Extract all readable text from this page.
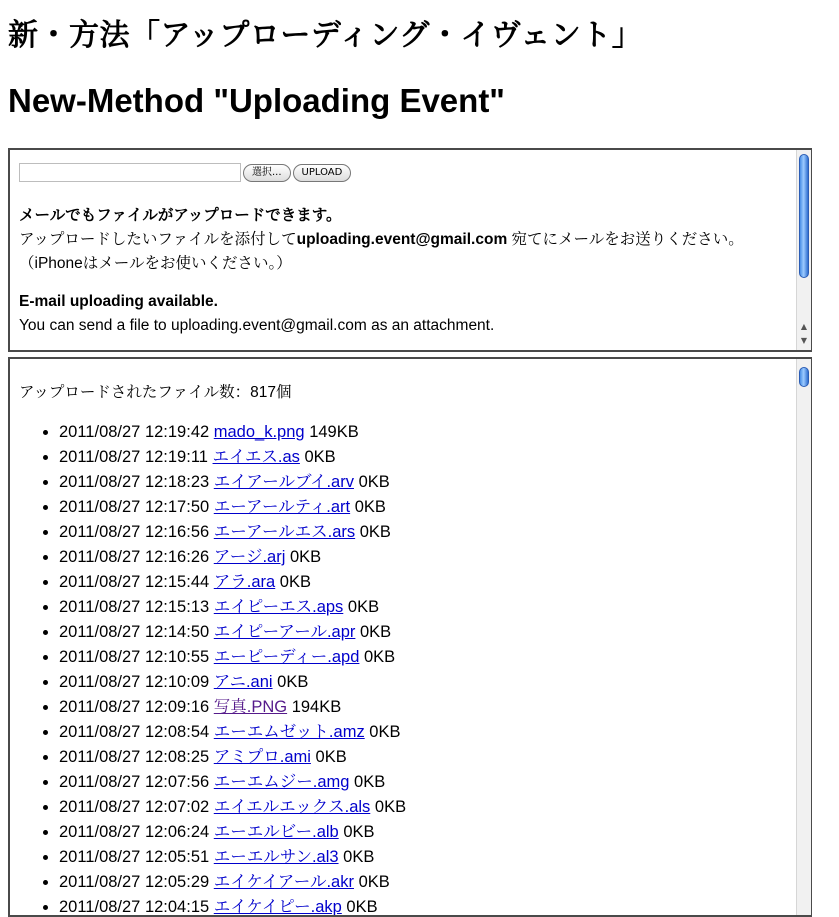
新・方法「アップローディング・イヴェント」
New-Method "Uploading Event"
選択...	UPLOAD

メールでもファイルがアップロードできます。

アップロードしたいファイルを添付してuploading.event@gmail.com 宛てにメールをお送りください。

（iPhoneはメールをお使いください。）

E-mail uploading available.

You can send a file to uploading.event@gmail.com as an attachment.	▲
▼
アップロードされたファイル数：817個
• 2011/08/27 12:19:42 mado_k.png 149KB
• 2011/08/27 12:19:11 エイエス.as 0KB
• 2011/08/27 12:18:23 エイアールブイ.arv 0KB
• 2011/08/27 12:17:50 エーアールティ.art 0KB
• 2011/08/27 12:16:56 エーアールエス.ars 0KB
• 2011/08/27 12:16:26 アージ.arj 0KB
• 2011/08/27 12:15:44 アラ.ara 0KB
• 2011/08/27 12:15:13 エイピーエス.aps 0KB
• 2011/08/27 12:14:50 エイピーアール.apr 0KB
• 2011/08/27 12:10:55 エーピーディー.apd 0KB
• 2011/08/27 12:10:09 アニ.ani 0KB
• 2011/08/27 12:09:16 写真.PNG 194KB
• 2011/08/27 12:08:54 エーエムゼット.amz 0KB
• 2011/08/27 12:08:25 アミプロ.ami 0KB
• 2011/08/27 12:07:56 エーエムジー.amg 0KB
• 2011/08/27 12:07:02 エイエルエックス.als 0KB
• 2011/08/27 12:06:24 エーエルビー.alb 0KB
• 2011/08/27 12:05:51 エーエルサン.al3 0KB
• 2011/08/27 12:05:29 エイケイアール.akr 0KB
• 2011/08/27 12:04:15 エイケイピー.akp 0KB
